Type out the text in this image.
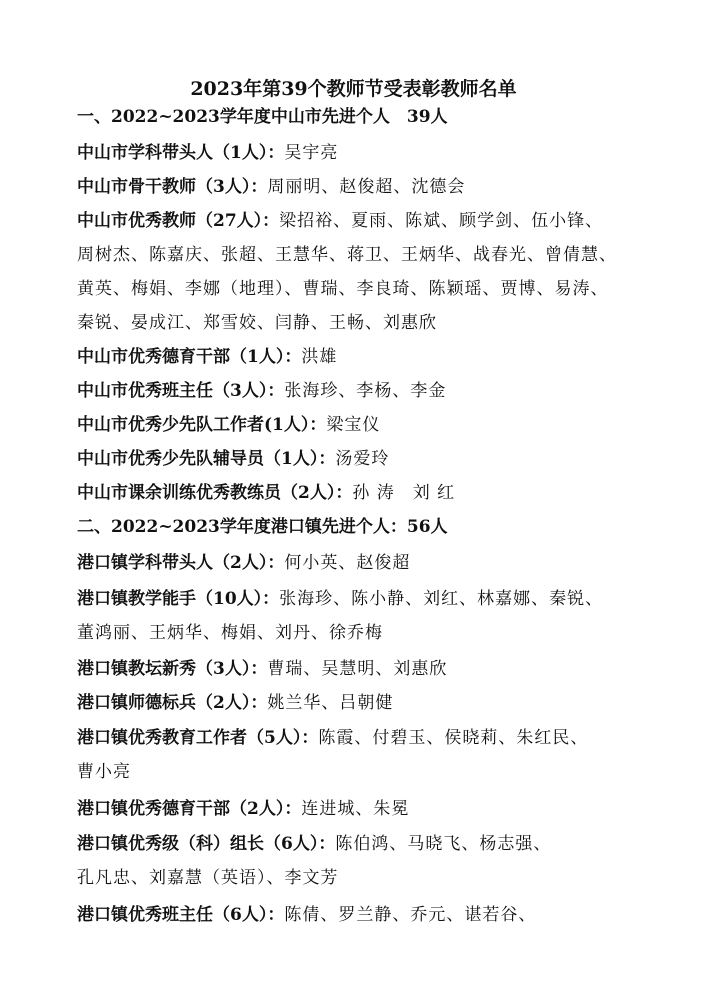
2023年第39个教师节受表彰教师名单
一、2022~2023学年度中山市先进个人　39人
中山市学科带头人（1人）：吴宇亮
中山市骨干教师（3人）：周丽明、赵俊超、沈德会
中山市优秀教师（27人）：梁招裕、夏雨、陈斌、顾学剑、伍小锋、
周树杰、陈嘉庆、张超、王慧华、蒋卫、王炳华、战春光、曾倩慧、
黄英、梅娟、李娜（地理）、曹瑞、李良琦、陈颖瑶、贾博、易涛、
秦锐、晏成江、郑雪姣、闫静、王畅、刘惠欣
中山市优秀德育干部（1人）：洪雄
中山市优秀班主任（3人）：张海珍、李杨、李金
中山市优秀少先队工作者(1人）：梁宝仪
中山市优秀少先队辅导员（1人）：汤爱玲
中山市课余训练优秀教练员（2人）：孙 涛　刘 红
二、2022~2023学年度港口镇先进个人：56人
港口镇学科带头人（2人）：何小英、赵俊超
港口镇教学能手（10人）：张海珍、陈小静、刘红、林嘉娜、秦锐、
董鸿丽、王炳华、梅娟、刘丹、徐乔梅
港口镇教坛新秀（3人）：曹瑞、吴慧明、刘惠欣
港口镇师德标兵（2人）：姚兰华、吕朝健
港口镇优秀教育工作者（5人）：陈霞、付碧玉、侯晓莉、朱红民、
曹小亮
港口镇优秀德育干部（2人）：连进城、朱冕
港口镇优秀级（科）组长（6人）：陈伯鸿、马晓飞、杨志强、
孔凡忠、刘嘉慧（英语）、李文芳
港口镇优秀班主任（6人）：陈倩、罗兰静、乔元、谌若谷、
